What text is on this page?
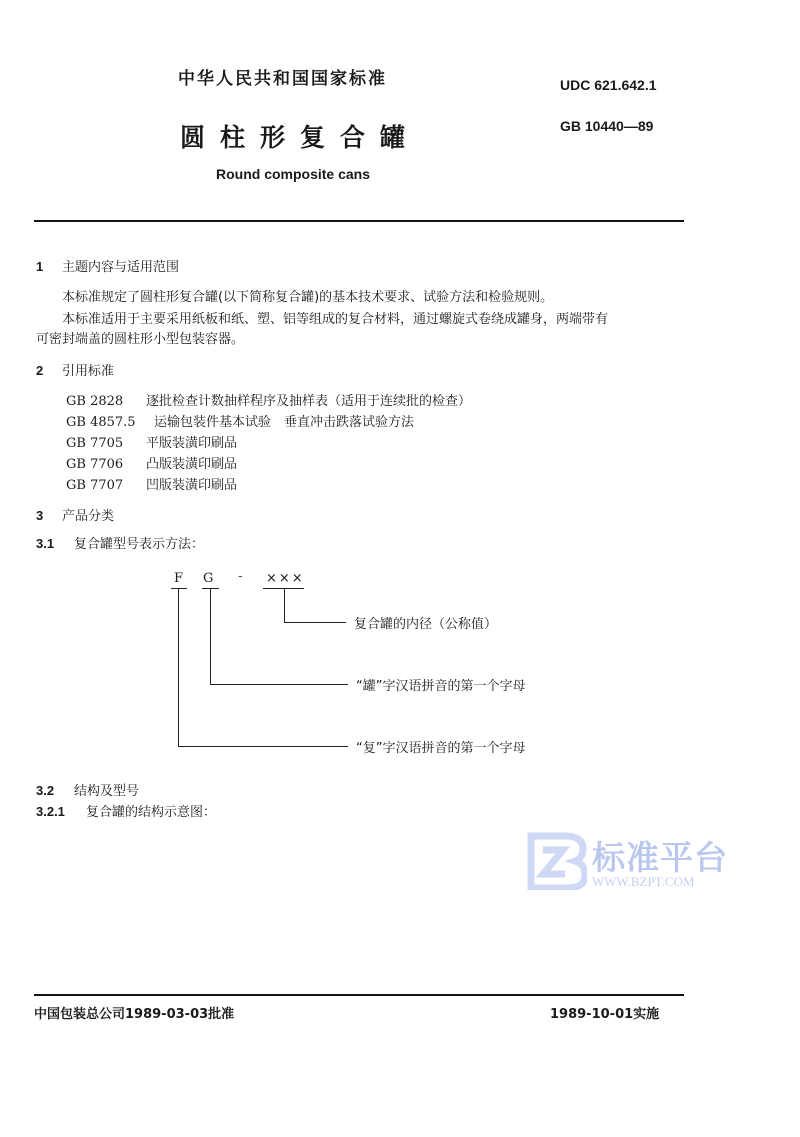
中华人民共和国国家标准	UDC 621.642.1
圆柱形复合罐	GB 10440—89
Round composite cans
1 主题内容与适用范围
本标准规定了圆柱形复合罐(以下简称复合罐)的基本技术要求、试验方法和检验规则。
本标准适用于主要采用纸板和纸、塑、铝等组成的复合材料，通过螺旋式卷绕成罐身，两端带有
可密封端盖的圆柱形小型包装容器。
2 引用标准
GB 2828 逐批检查计数抽样程序及抽样表（适用于连续批的检查）
GB 4857.5 运输包装件基本试验　垂直冲击跌落试验方法
GB 7705 平版装潢印刷品
GB 7706 凸版装潢印刷品
GB 7707 凹版装潢印刷品
3 产品分类
3.1 复合罐型号表示方法：
F G - ×××
复合罐的内径（公称值）
“罐”字汉语拼音的第一个字母
“复”字汉语拼音的第一个字母
3.2 结构及型号
3.2.1 复合罐的结构示意图：
标准平台
WWW.BZPT.COM
中国包装总公司1989-03-03批准	1989-10-01实施
